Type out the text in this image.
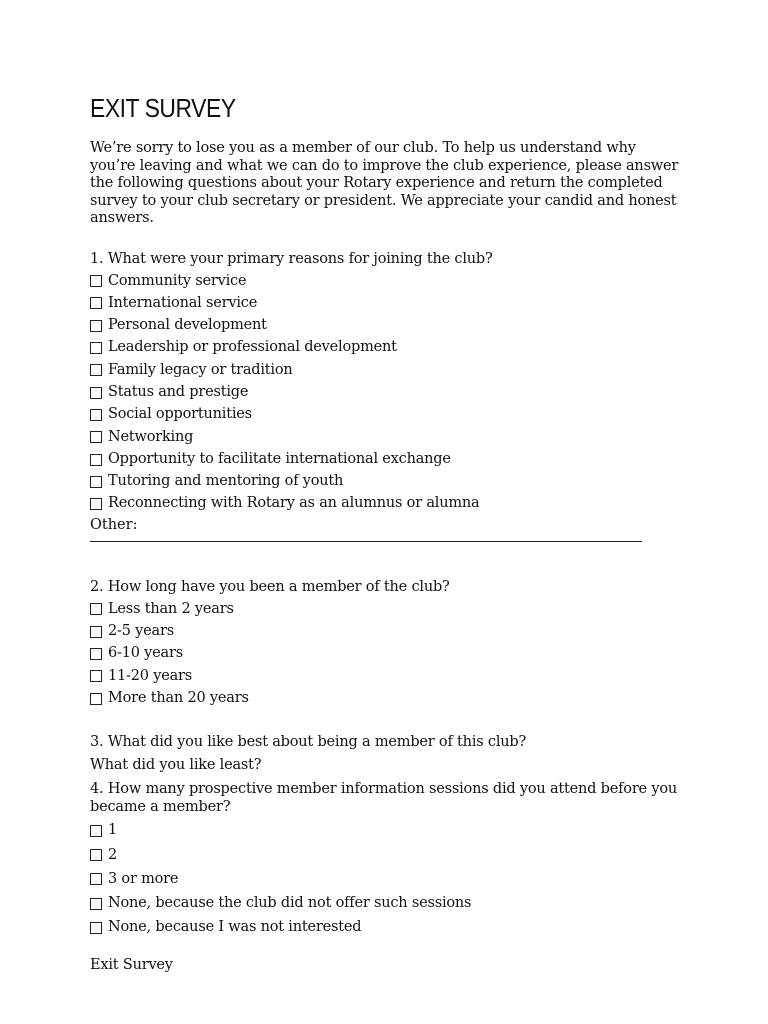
EXIT SURVEY

We’re sorry to lose you as a member of our club. To help us understand why you’re leaving and what we can do to improve the club experience, please answer the following questions about your Rotary experience and return the completed survey to your club secretary or president. We appreciate your candid and honest answers.

1. What were your primary reasons for joining the club?
Community service
International service
Personal development
Leadership or professional development
Family legacy or tradition
Status and prestige
Social opportunities
Networking
Opportunity to facilitate international exchange
Tutoring and mentoring of youth
Reconnecting with Rotary as an alumnus or alumna
Other:
2. How long have you been a member of the club?
Less than 2 years
2-5 years
6-10 years
11-20 years
More than 20 years
3. What did you like best about being a member of this club?
What did you like least?
4. How many prospective member information sessions did you attend before you became a member?
1
2
3 or more
None, because the club did not offer such sessions
None, because I was not interested
Exit Survey
